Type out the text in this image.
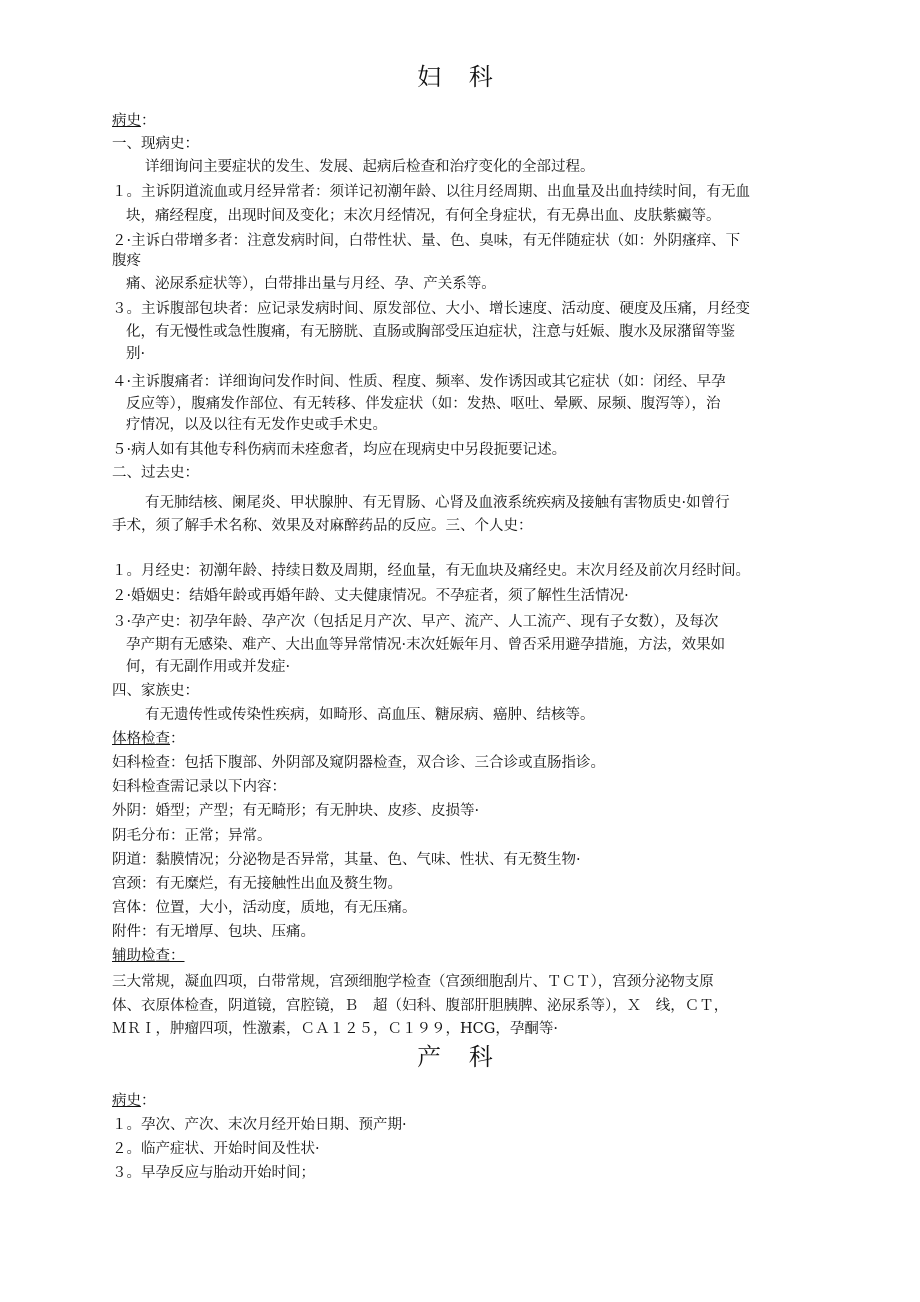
妇 科
病史：
一、现病史：
详细询问主要症状的发生、发展、起病后检查和治疗变化的全部过程。
１。主诉阴道流血或月经异常者：须详记初潮年龄、以往月经周期、出血量及出血持续时间，有无血
块，痛经程度，出现时间及变化；末次月经情况，有何全身症状，有无鼻出血、皮肤紫癜等。
２·主诉白带增多者：注意发病时间，白带性状、量、色、臭味，有无伴随症状（如：外阴瘙痒、下
腹疼
痛、泌尿系症状等），白带排出量与月经、孕、产关系等。
３。主诉腹部包块者：应记录发病时间、原发部位、大小、增长速度、活动度、硬度及压痛，月经变
化，有无慢性或急性腹痛，有无膀胱、直肠或胸部受压迫症状，注意与妊娠、腹水及尿潴留等鉴
别·
４·主诉腹痛者：详细询问发作时间、性质、程度、频率、发作诱因或其它症状（如：闭经、早孕
反应等），腹痛发作部位、有无转移、伴发症状（如：发热、呕吐、晕厥、尿频、腹泻等），治
疗情况，以及以往有无发作史或手术史。
５·病人如有其他专科伤病而未痊愈者，均应在现病史中另段扼要记述。
二、过去史：
有无肺结核、阑尾炎、甲状腺肿、有无胃肠、心肾及血液系统疾病及接触有害物质史·如曾行
手术，须了解手术名称、效果及对麻醉药品的反应。三、个人史：
１。月经史：初潮年龄、持续日数及周期，经血量，有无血块及痛经史。末次月经及前次月经时间。
２·婚姻史：结婚年龄或再婚年龄、丈夫健康情况。不孕症者，须了解性生活情况·
３·孕产史：初孕年龄、孕产次（包括足月产次、早产、流产、人工流产、现有子女数），及每次
孕产期有无感染、难产、大出血等异常情况·末次妊娠年月、曾否采用避孕措施，方法，效果如
何，有无副作用或并发症·
四、家族史：
有无遗传性或传染性疾病，如畸形、高血压、糖尿病、癌肿、结核等。
体格检查：
妇科检查：包括下腹部、外阴部及窥阴器检查，双合诊、三合诊或直肠指诊。
妇科检查需记录以下内容：
外阴：婚型；产型；有无畸形；有无肿块、皮疹、皮损等·
阴毛分布：正常；异常。
阴道：黏膜情况；分泌物是否异常，其量、色、气味、性状、有无赘生物·
宫颈：有无糜烂，有无接触性出血及赘生物。
宫体：位置，大小，活动度，质地，有无压痛。
附件：有无增厚、包块、压痛。
辅助检查：
三大常规，凝血四项，白带常规，宫颈细胞学检查（宫颈细胞刮片、ＴＣＴ），宫颈分泌物支原
体、衣原体检查，阴道镜，宫腔镜，Ｂ　超（妇科、腹部肝胆胰脾、泌尿系等），Ｘ　线，ＣＴ，
ＭＲＩ，肿瘤四项，性激素，ＣＡ１２５，Ｃ１９９，HCG，孕酮等·
产 科
病史：
１。孕次、产次、末次月经开始日期、预产期·
２。临产症状、开始时间及性状·
３。早孕反应与胎动开始时间；
